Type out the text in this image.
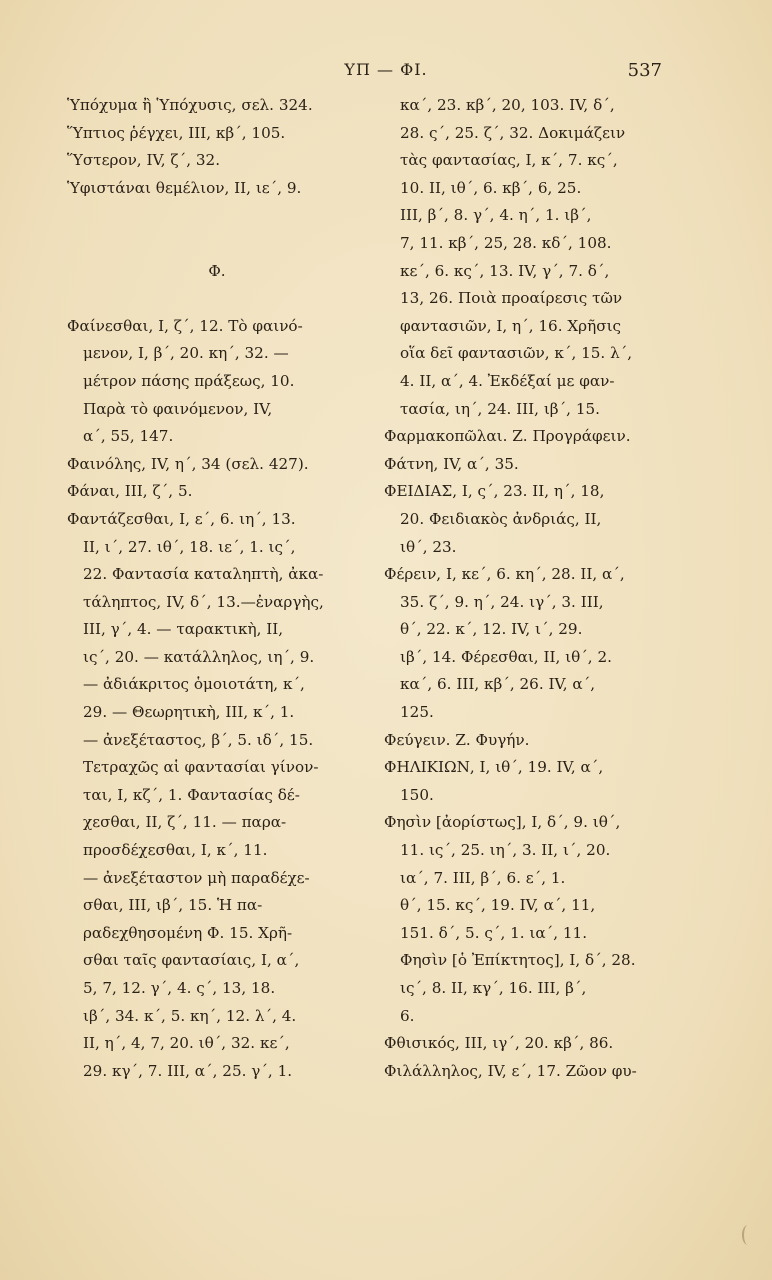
ΥΠ — ΦΙ.	537
Ὑπόχυμα ἢ Ὑπόχυσις, σελ. 324.
Ὕπτιος ῥέγχει, III, κβ΄, 105.
Ὕστερον, IV, ζ΄, 32.
Ὑφιστάναι θεμέλιον, II, ιε΄, 9.
Φ.
Φαίνεσθαι, I, ζ΄, 12. Τὸ φαινό-
μενον, I, β΄, 20. κη΄, 32. —
μέτρον πάσης πράξεως, 10.
Παρὰ τὸ φαινόμενον, IV,
α΄, 55, 147.
Φαινόλης, IV, η΄, 34 (σελ. 427).
Φάναι, III, ζ΄, 5.
Φαντάζεσθαι, I, ε΄, 6. ιη΄, 13.
II, ι΄, 27. ιθ΄, 18. ιε΄, 1. ις΄,
22. Φαντασία καταληπτὴ, ἀκα-
τάληπτος, IV, δ΄, 13.—ἐναργὴς,
III, γ΄, 4. — ταρακτικὴ, II,
ις΄, 20. — κατάλληλος, ιη΄, 9.
— ἀδιάκριτος ὁμοιοτάτη, κ΄,
29. — Θεωρητικὴ, III, κ΄, 1.
— ἀνεξέταστος, β΄, 5. ιδ΄, 15.
Τετραχῶς αἱ φαντασίαι γίνον-
ται, I, κζ΄, 1. Φαντασίας δέ-
χεσθαι, II, ζ΄, 11. — παρα-
προσδέχεσθαι, I, κ΄, 11.
— ἀνεξέταστον μὴ παραδέχε-
σθαι, III, ιβ΄, 15. Ἡ πα-
ραδεχθησομένη Φ. 15. Χρῆ-
σθαι ταῖς φαντασίαις, I, α΄,
5, 7, 12. γ΄, 4. ς΄, 13, 18.
ιβ΄, 34. κ΄, 5. κη΄, 12. λ΄, 4.
II, η΄, 4, 7, 20. ιθ΄, 32. κε΄,
29. κγ΄, 7. III, α΄, 25. γ΄, 1.
κα΄, 23. κβ΄, 20, 103. IV, δ΄,
28. ς΄, 25. ζ΄, 32. Δοκιμάζειν
τὰς φαντασίας, I, κ΄, 7. κς΄,
10. II, ιθ΄, 6. κβ΄, 6, 25.
III, β΄, 8. γ΄, 4. η΄, 1. ιβ΄,
7, 11. κβ΄, 25, 28. κδ΄, 108.
κε΄, 6. κς΄, 13. IV, γ΄, 7. δ΄,
13, 26. Ποιὰ προαίρεσις τῶν
φαντασιῶν, I, η΄, 16. Χρῆσις
οἵα δεῖ φαντασιῶν, κ΄, 15. λ΄,
4. II, α΄, 4. Ἐκδέξαί με φαν-
τασία, ιη΄, 24. III, ιβ΄, 15.
Φαρμακοπῶλαι. Ζ. Προγράφειν.
Φάτνη, IV, α΄, 35.
ΦΕΙΔΙΑΣ, I, ς΄, 23. II, η΄, 18,
20. Φειδιακὸς ἀνδριάς, II,
ιθ΄, 23.
Φέρειν, I, κε΄, 6. κη΄, 28. II, α΄,
35. ζ΄, 9. η΄, 24. ιγ΄, 3. III,
θ΄, 22. κ΄, 12. IV, ι΄, 29.
ιβ΄, 14. Φέρεσθαι, II, ιθ΄, 2.
κα΄, 6. III, κβ΄, 26. IV, α΄,
125.
Φεύγειν. Ζ. Φυγήν.
ΦΗΛΙΚΙΩΝ, I, ιθ΄, 19. IV, α΄,
150.
Φησὶν [ἀορίστως], I, δ΄, 9. ιθ΄,
11. ις΄, 25. ιη΄, 3. II, ι΄, 20.
ια΄, 7. III, β΄, 6. ε΄, 1.
θ΄, 15. κς΄, 19. IV, α΄, 11,
151. δ΄, 5. ς΄, 1. ια΄, 11.
Φησὶν [ὁ Ἐπίκτητος], I, δ΄, 28.
ις΄, 8. II, κγ΄, 16. III, β΄,
6.
Φθισικός, III, ιγ΄, 20. κβ΄, 86.
Φιλάλληλος, IV, ε΄, 17. Ζῶον φυ-
